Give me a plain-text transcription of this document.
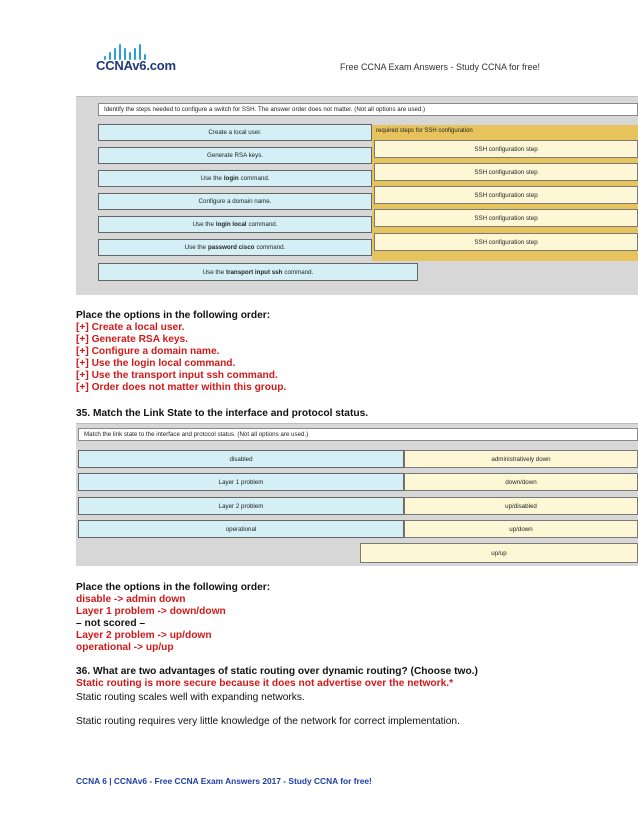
CCNAv6.com	Free CCNA Exam Answers - Study CCNA for free!
Identify the steps needed to configure a switch for SSH. The answer order does not matter. (Not all options are used.)
Create a local user.
Generate RSA keys.
Use the login command.
Configure a domain name.
Use the login local command.
Use the password cisco command.
Use the transport input ssh command.
required steps for SSH configuration
SSH configuration step
SSH configuration step
SSH configuration step
SSH configuration step
SSH configuration step
Place the options in the following order:
[+] Create a local user.
[+] Generate RSA keys.
[+] Configure a domain name.
[+] Use the login local command.
[+] Use the transport input ssh command.
[+] Order does not matter within this group.
35. Match the Link State to the interface and protocol status.
Match the link state to the interface and protocol status. (Not all options are used.)
disabled	administratively down
Layer 1 problem	down/down
Layer 2 problem	up/disabled
operational	up/down
up/up
Place the options in the following order:
disable -> admin down
Layer 1 problem -> down/down
– not scored –
Layer 2 problem -> up/down
operational -> up/up
36. What are two advantages of static routing over dynamic routing? (Choose two.)
Static routing is more secure because it does not advertise over the network.*
Static routing scales well with expanding networks.
Static routing requires very little knowledge of the network for correct implementation.
CCNA 6 | CCNAv6 - Free CCNA Exam Answers 2017 - Study CCNA for free!
